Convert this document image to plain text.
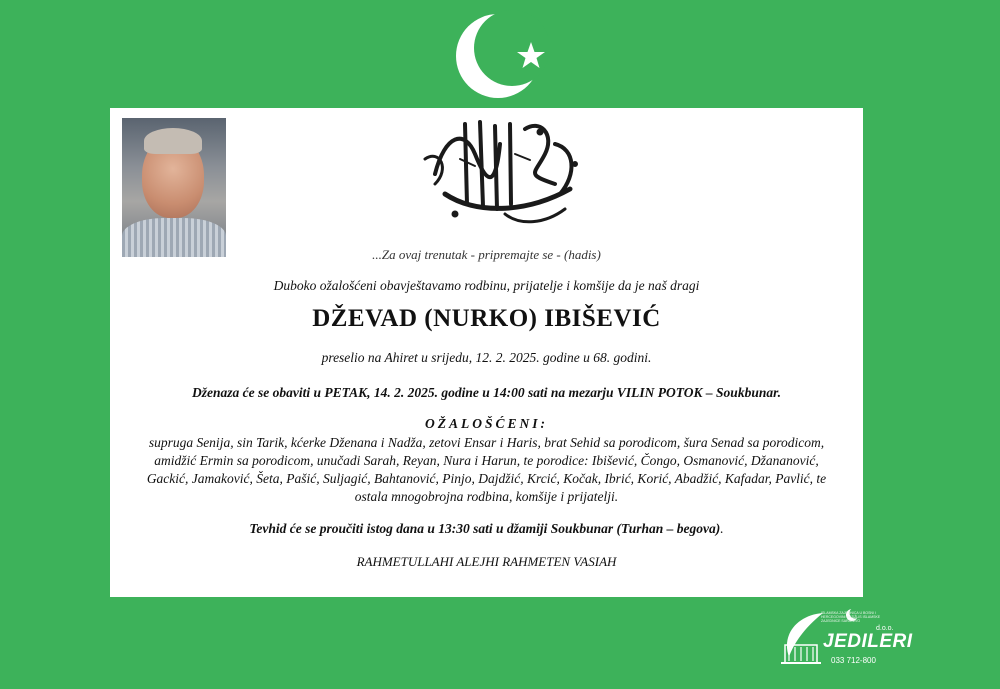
...Za ovaj trenutak - pripremajte se - (hadis)
Duboko ožalošćeni obavještavamo rodbinu, prijatelje i komšije da je naš dragi
DŽEVAD (NURKO) IBIŠEVIĆ
preselio na Ahiret u srijedu, 12. 2. 2025. godine u 68. godini.
Dženaza će se obaviti u PETAK, 14. 2. 2025. godine u 14:00 sati na mezarju VILIN POTOK – Soukbunar.
OŽALOŠĆENI:
supruga Senija, sin Tarik, kćerke Dženana i Nadža, zetovi Ensar i Haris, brat Sehid sa porodicom, šura Senad sa porodicom,
amidžić Ermin sa porodicom, unučadi Sarah, Reyan, Nura i Harun, te porodice: Ibišević, Čongo, Osmanović, Džananović,
Gackić, Jamaković, Šeta, Pašić, Suljagić, Bahtanović, Pinjo, Dajdžić, Krcić, Kočak, Ibrić, Korić, Abadžić, Kafadar, Pavlić, te
ostala mnogobrojna rodbina, komšije i prijatelji.
Tevhid će se proučiti istog dana u 13:30 sati u džamiji Soukbunar (Turhan – begova).
RAHMETULLAHI ALEJHI RAHMETEN VASIAH
ISLAMSKA ZAJEDNICA U BOSNI I HERCEGOVINI MEDŽLIS ISLAMSKE ZAJEDNICE SARAJEVO
d.o.o.
JEDILERI
033 712-800
